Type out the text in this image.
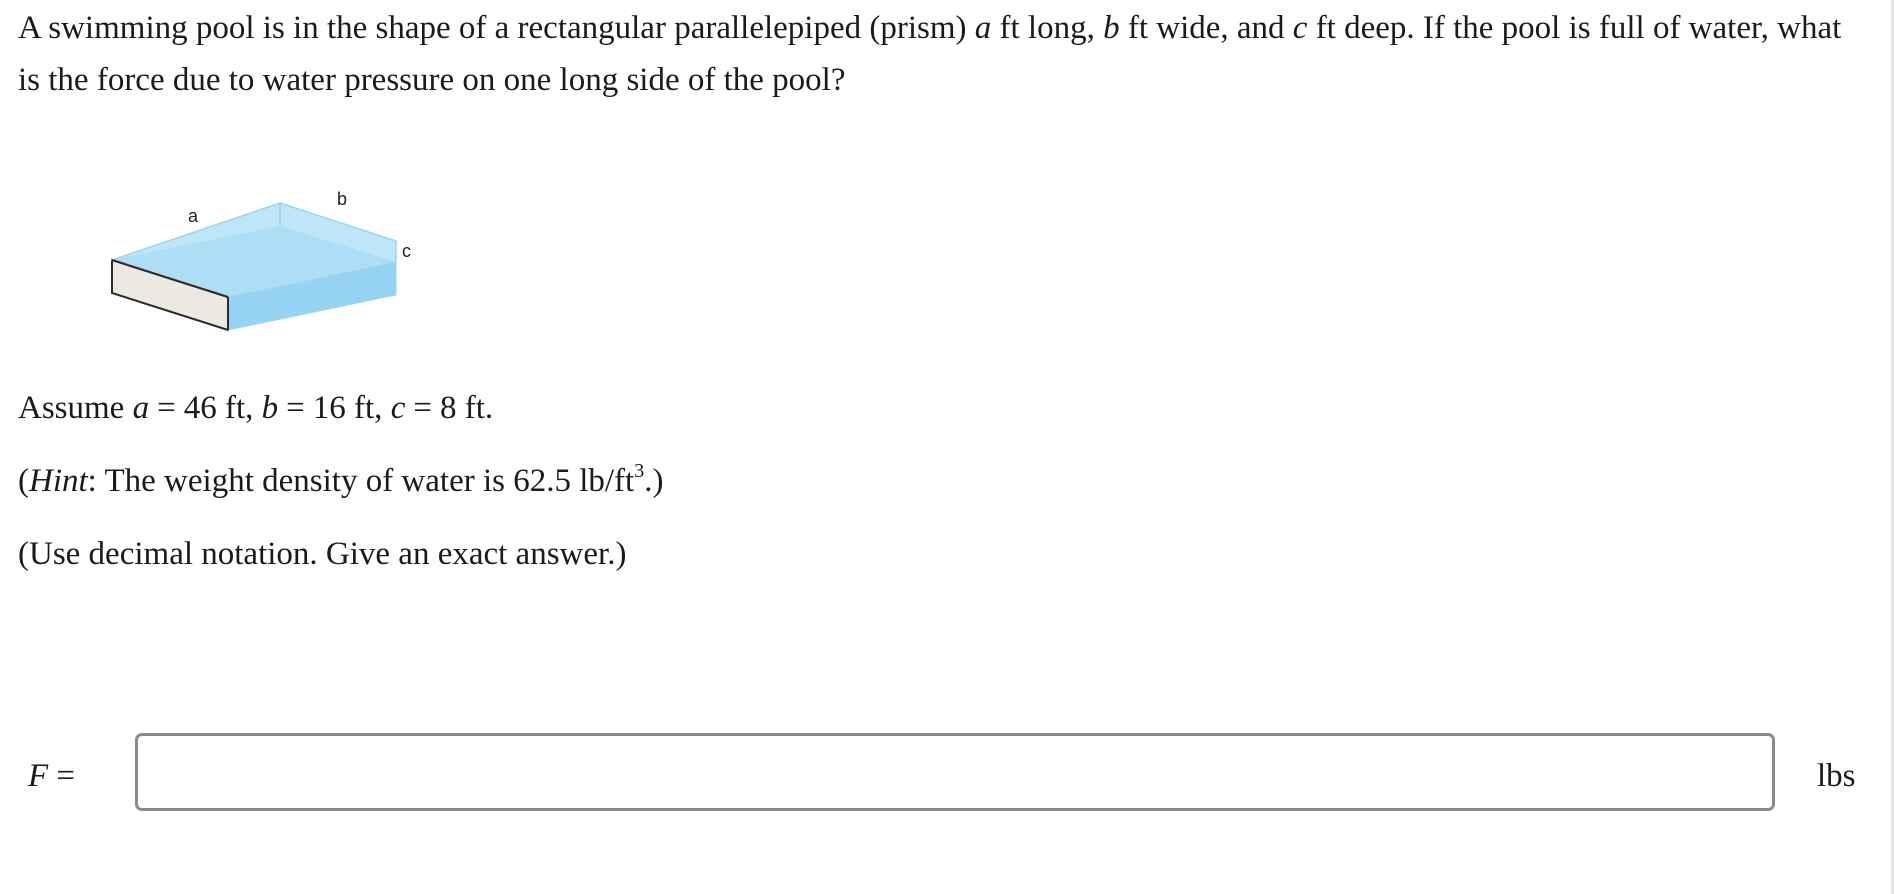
A swimming pool is in the shape of a rectangular parallelepiped (prism) a ft long, b ft wide, and c ft deep. If the pool is full of water, what is the force due to water pressure on one long side of the pool?

a
b
c

Assume a = 46 ft, b = 16 ft, c = 8 ft.

(Hint: The weight density of water is 62.5 $lb/ft^3$.)

(Use decimal notation. Give an exact answer.)

F =	lbs
